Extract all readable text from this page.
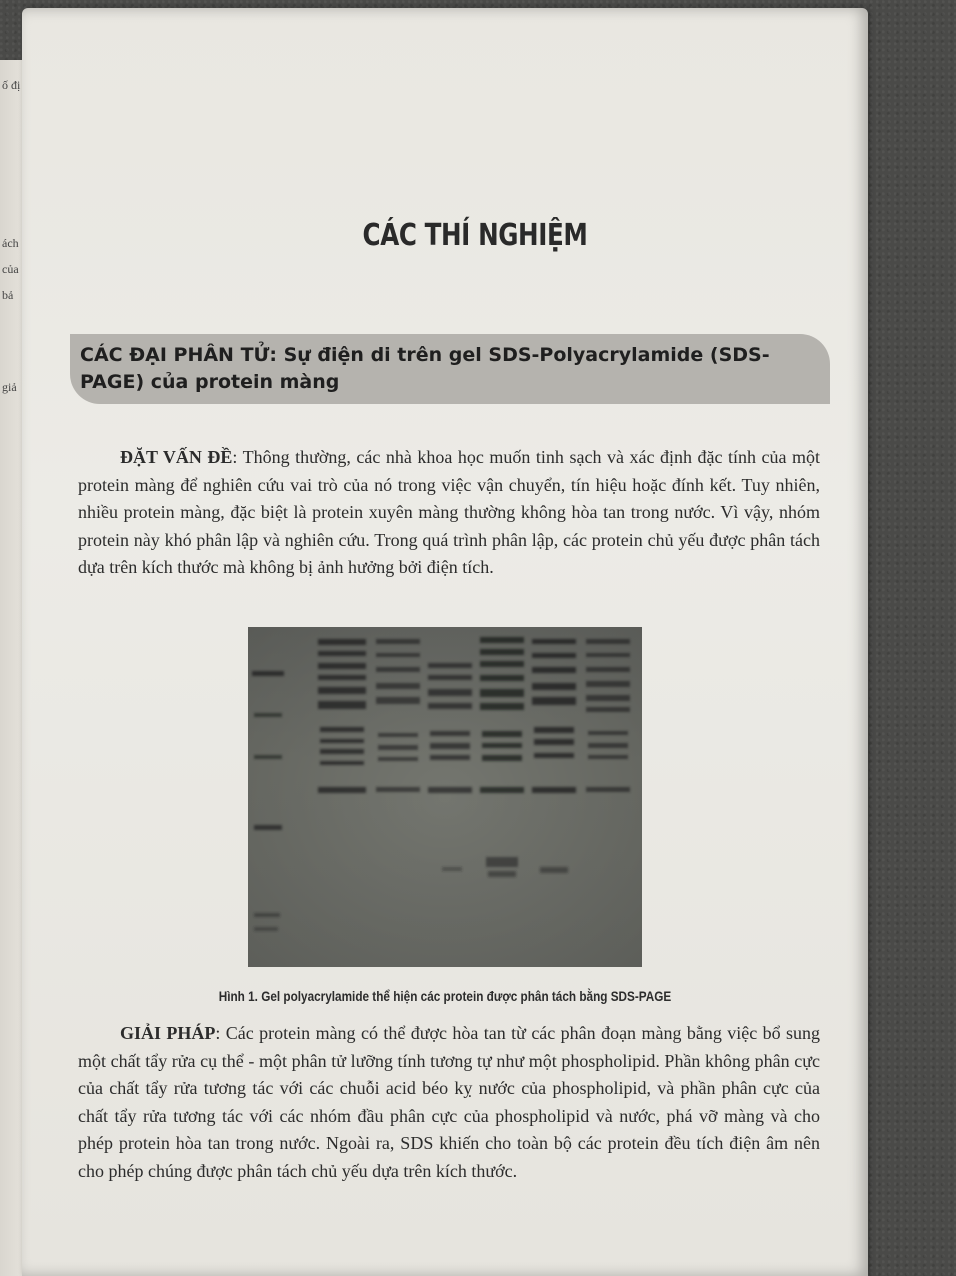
ố đị
ách
của
bả
giả
CÁC THÍ NGHIỆM
CÁC ĐẠI PHÂN TỬ: Sự điện di trên gel SDS-Polyacrylamide (SDS-PAGE) của protein màng

ĐẶT VẤN ĐỀ: Thông thường, các nhà khoa học muốn tinh sạch và xác định đặc tính của một protein màng để nghiên cứu vai trò của nó trong việc vận chuyển, tín hiệu hoặc đính kết. Tuy nhiên, nhiều protein màng, đặc biệt là protein xuyên màng thường không hòa tan trong nước. Vì vậy, nhóm protein này khó phân lập và nghiên cứu. Trong quá trình phân lập, các protein chủ yếu được phân tách dựa trên kích thước mà không bị ảnh hưởng bởi điện tích.

Hình 1. Gel polyacrylamide thể hiện các protein được phân tách bằng SDS-PAGE

GIẢI PHÁP: Các protein màng có thể được hòa tan từ các phân đoạn màng bằng việc bổ sung một chất tẩy rửa cụ thể - một phân tử lưỡng tính tương tự như một phospholipid. Phần không phân cực của chất tẩy rửa tương tác với các chuỗi acid béo kỵ nước của phospholipid, và phần phân cực của chất tẩy rửa tương tác với các nhóm đầu phân cực của phospholipid và nước, phá vỡ màng và cho phép protein hòa tan trong nước. Ngoài ra, SDS khiến cho toàn bộ các protein đều tích điện âm nên cho phép chúng được phân tách chủ yếu dựa trên kích thước.
